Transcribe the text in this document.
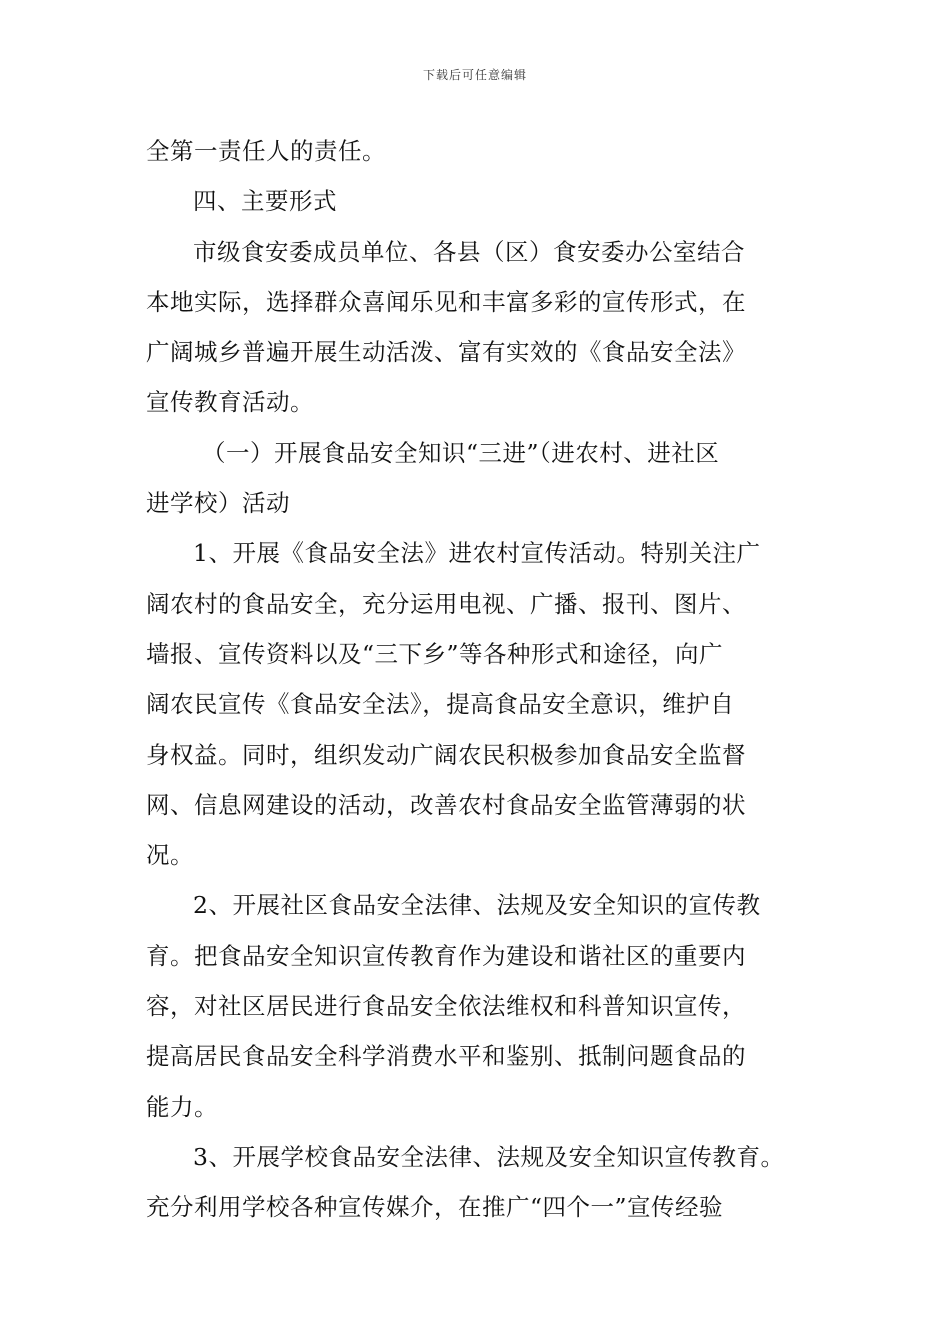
下载后可任意编辑
全第一责任人的责任。
四、主要形式
市级食安委成员单位、各县（区）食安委办公室结合
本地实际，选择群众喜闻乐见和丰富多彩的宣传形式，在
广阔城乡普遍开展生动活泼、富有实效的《食品安全法》
宣传教育活动。
（一）开展食品安全知识“三进”（进农村、进社区
进学校）活动
1、开展《食品安全法》进农村宣传活动。特别关注广
阔农村的食品安全，充分运用电视、广播、报刊、图片、
墙报、宣传资料以及“三下乡”等各种形式和途径，向广
阔农民宣传《食品安全法》，提高食品安全意识，维护自
身权益。同时，组织发动广阔农民积极参加食品安全监督
网、信息网建设的活动，改善农村食品安全监管薄弱的状
况。
2、开展社区食品安全法律、法规及安全知识的宣传教
育。把食品安全知识宣传教育作为建设和谐社区的重要内
容，对社区居民进行食品安全依法维权和科普知识宣传，
提高居民食品安全科学消费水平和鉴别、抵制问题食品的
能力。
3、开展学校食品安全法律、法规及安全知识宣传教育。
充分利用学校各种宣传媒介，在推广“四个一”宣传经验
